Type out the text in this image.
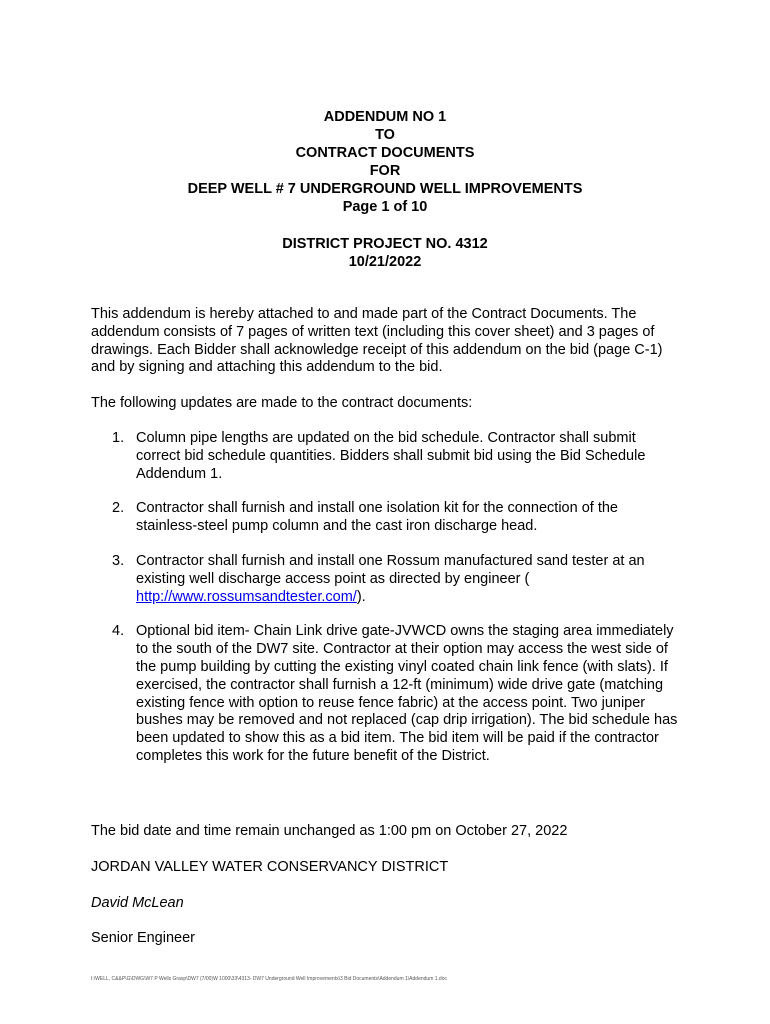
ADDENDUM NO 1
TO
CONTRACT DOCUMENTS
FOR
DEEP WELL # 7 UNDERGROUND WELL IMPROVEMENTS
Page 1 of 10
DISTRICT PROJECT NO. 4312
10/21/2022
This addendum is hereby attached to and made part of the Contract Documents. The addendum consists of 7 pages of written text (including this cover sheet) and 3 pages of drawings. Each Bidder shall acknowledge receipt of this addendum on the bid (page C-1) and by signing and attaching this addendum to the bid.
The following updates are made to the contract documents:
1. Column pipe lengths are updated on the bid schedule. Contractor shall submit correct bid schedule quantities. Bidders shall submit bid using the Bid Schedule Addendum 1.
2. Contractor shall furnish and install one isolation kit for the connection of the stainless-steel pump column and the cast iron discharge head.
3. Contractor shall furnish and install one Rossum manufactured sand tester at an existing well discharge access point as directed by engineer ( http://www.rossumsandtester.com/).
4. Optional bid item- Chain Link drive gate-JVWCD owns the staging area immediately to the south of the DW7 site. Contractor at their option may access the west side of the pump building by cutting the existing vinyl coated chain link fence (with slats). If exercised, the contractor shall furnish a 12-ft (minimum) wide drive gate (matching existing fence with option to reuse fence fabric) at the access point. Two juniper bushes may be removed and not replaced (cap drip irrigation). The bid schedule has been updated to show this as a bid item. The bid item will be paid if the contractor completes this work for the future benefit of the District.
The bid date and time remain unchanged as 1:00 pm on October 27, 2022
JORDAN VALLEY WATER CONSERVANCY DISTRICT
David McLean
Senior Engineer
I:\WELL, C&&P\G\DWG\W7 P Wells Grasp\DW7 (7/00)W 1000\33\4313- DW7 Underground Well Improvements\3 Bid Documents\Addendum 1\Addendum 1.doc
